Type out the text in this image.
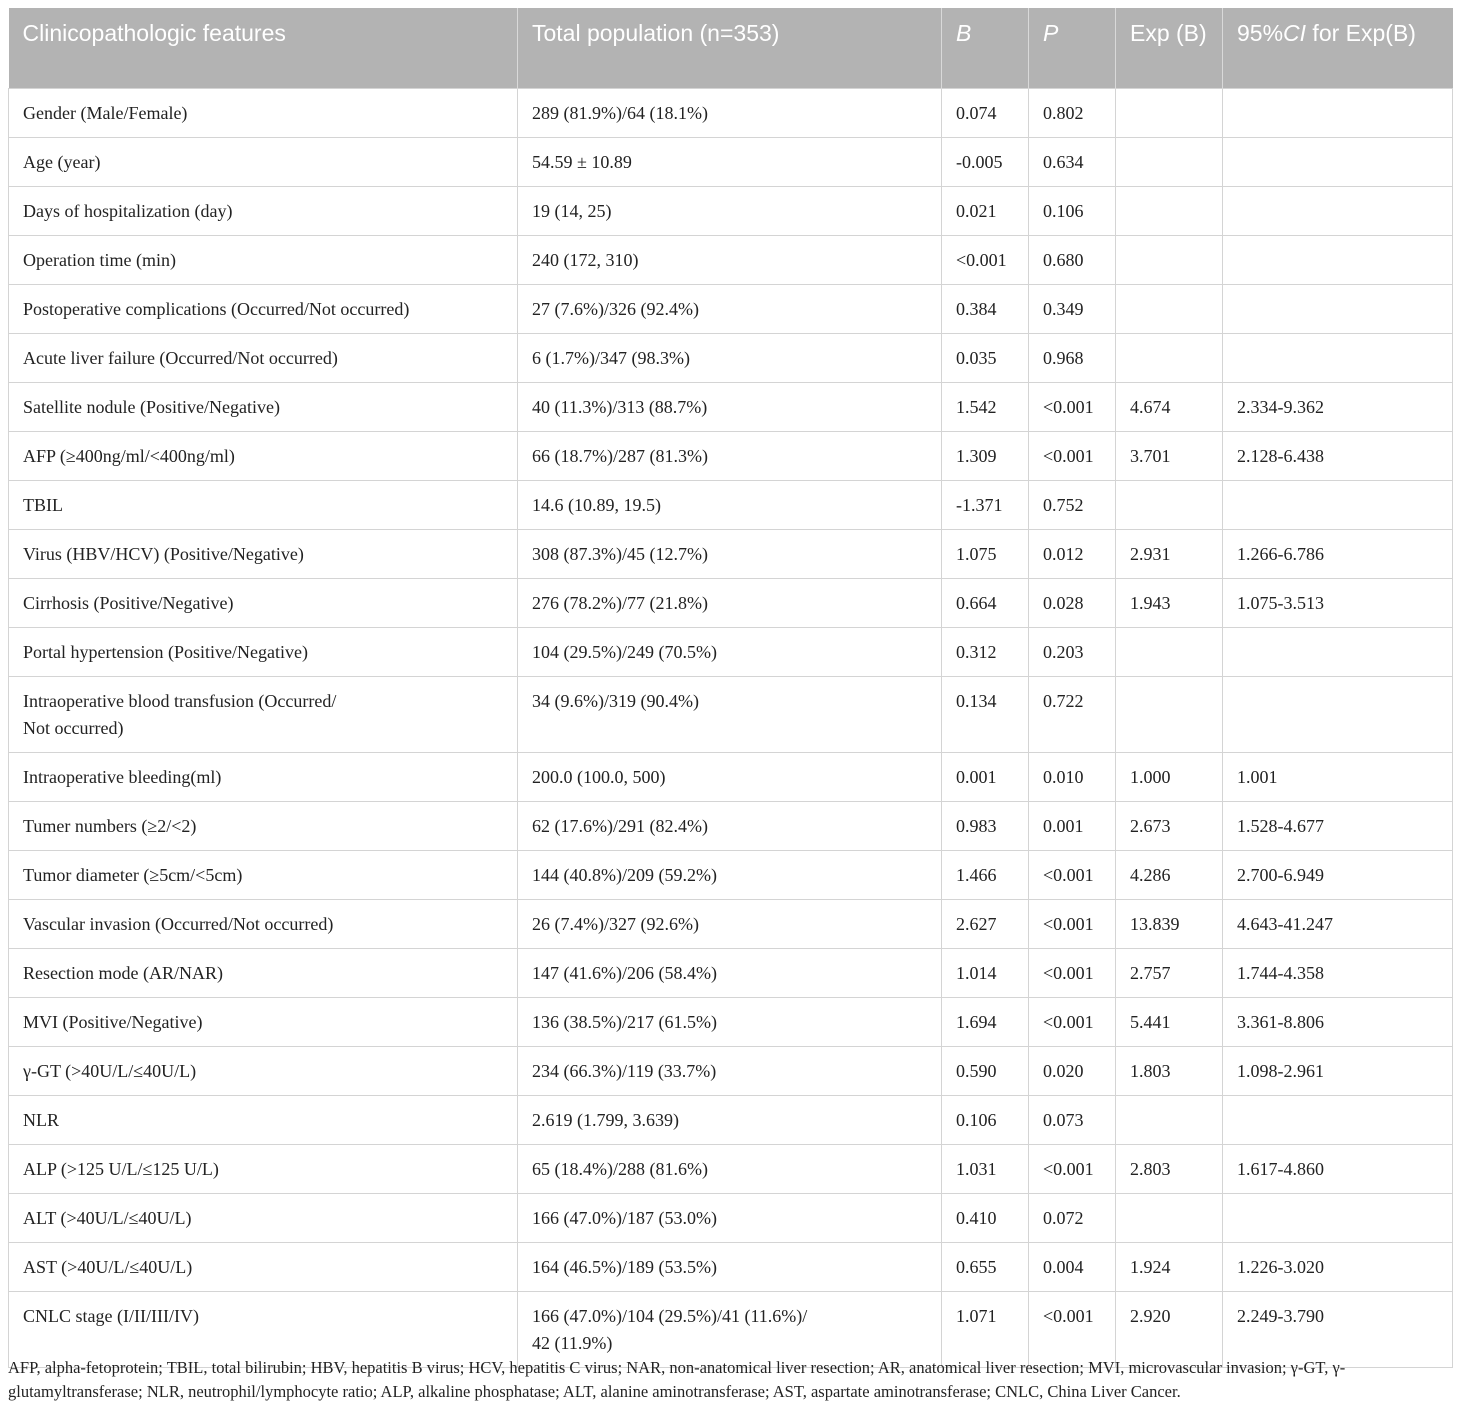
Clinicopathologic features	Total population (n=353)	B	P	Exp (B)	95%CI for Exp(B)
Gender (Male/Female)	289 (81.9%)/64 (18.1%)	0.074	0.802		
Age (year)	54.59 ± 10.89	-0.005	0.634		
Days of hospitalization (day)	19 (14, 25)	0.021	0.106		
Operation time (min)	240 (172, 310)	<0.001	0.680		
Postoperative complications (Occurred/Not occurred)	27 (7.6%)/326 (92.4%)	0.384	0.349		
Acute liver failure (Occurred/Not occurred)	6 (1.7%)/347 (98.3%)	0.035	0.968		
Satellite nodule (Positive/Negative)	40 (11.3%)/313 (88.7%)	1.542	<0.001	4.674	2.334-9.362
AFP (≥400ng/ml/<400ng/ml)	66 (18.7%)/287 (81.3%)	1.309	<0.001	3.701	2.128-6.438
TBIL	14.6 (10.89, 19.5)	-1.371	0.752		
Virus (HBV/HCV) (Positive/Negative)	308 (87.3%)/45 (12.7%)	1.075	0.012	2.931	1.266-6.786
Cirrhosis (Positive/Negative)	276 (78.2%)/77 (21.8%)	0.664	0.028	1.943	1.075-3.513
Portal hypertension (Positive/Negative)	104 (29.5%)/249 (70.5%)	0.312	0.203		
Intraoperative blood transfusion (Occurred/
Not occurred)	34 (9.6%)/319 (90.4%)	0.134	0.722		
Intraoperative bleeding(ml)	200.0 (100.0, 500)	0.001	0.010	1.000	1.001
Tumer numbers (≥2/<2)	62 (17.6%)/291 (82.4%)	0.983	0.001	2.673	1.528-4.677
Tumor diameter (≥5cm/<5cm)	144 (40.8%)/209 (59.2%)	1.466	<0.001	4.286	2.700-6.949
Vascular invasion (Occurred/Not occurred)	26 (7.4%)/327 (92.6%)	2.627	<0.001	13.839	4.643-41.247
Resection mode (AR/NAR)	147 (41.6%)/206 (58.4%)	1.014	<0.001	2.757	1.744-4.358
MVI (Positive/Negative)	136 (38.5%)/217 (61.5%)	1.694	<0.001	5.441	3.361-8.806
γ-GT (>40U/L/≤40U/L)	234 (66.3%)/119 (33.7%)	0.590	0.020	1.803	1.098-2.961
NLR	2.619 (1.799, 3.639)	0.106	0.073		
ALP (>125 U/L/≤125 U/L)	65 (18.4%)/288 (81.6%)	1.031	<0.001	2.803	1.617-4.860
ALT (>40U/L/≤40U/L)	166 (47.0%)/187 (53.0%)	0.410	0.072		
AST (>40U/L/≤40U/L)	164 (46.5%)/189 (53.5%)	0.655	0.004	1.924	1.226-3.020
CNLC stage (I/II/III/IV)	166 (47.0%)/104 (29.5%)/41 (11.6%)/
42 (11.9%)	1.071	<0.001	2.920	2.249-3.790
AFP, alpha-fetoprotein; TBIL, total bilirubin; HBV, hepatitis B virus; HCV, hepatitis C virus; NAR, non-anatomical liver resection; AR, anatomical liver resection; MVI, microvascular invasion; γ-GT, γ-glutamyltransferase; NLR, neutrophil/lymphocyte ratio; ALP, alkaline phosphatase; ALT, alanine aminotransferase; AST, aspartate aminotransferase; CNLC, China Liver Cancer.
